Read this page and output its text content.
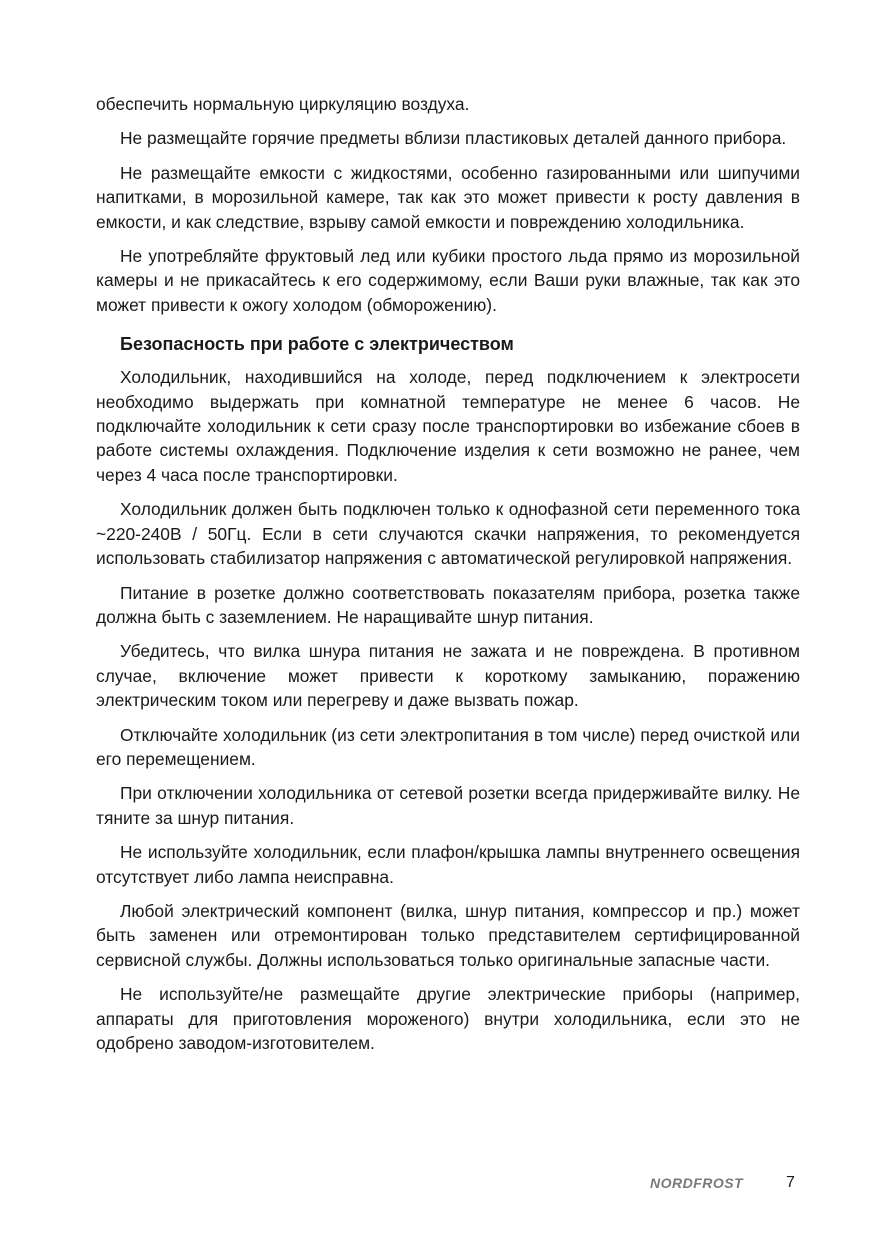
обеспечить нормальную циркуляцию воздуха.

Не размещайте горячие предметы вблизи пластиковых деталей данного прибора.

Не размещайте емкости с жидкостями, особенно газированными или шипучими напитками, в морозильной камере, так как это может привести к росту давления в емкости, и как следствие, взрыву самой емкости и повреждению холодильника.

Не употребляйте фруктовый лед или кубики простого льда прямо из морозильной камеры и не прикасайтесь к его содержимому, если Ваши руки влажные, так как это может привести к ожогу холодом (обморожению).

Безопасность при работе с электричеством

Холодильник, находившийся на холоде, перед подключением к электросети необходимо выдержать при комнатной температуре не менее 6 часов. Не подключайте холодильник к сети сразу после транспортировки во избежание сбоев в работе системы охлаждения. Подключение изделия к сети возможно не ранее, чем через 4 часа после транспортировки.

Холодильник должен быть подключен только к однофазной сети переменного тока ~220-240В / 50Гц. Если в сети случаются скачки напряжения, то рекомендуется использовать стабилизатор напряжения с автоматической регулировкой напряжения.

Питание в розетке должно соответствовать показателям прибора, розетка также должна быть с заземлением. Не наращивайте шнур питания.

Убедитесь, что вилка шнура питания не зажата и не повреждена. В противном случае, включение может привести к короткому замыканию, поражению электрическим током или перегреву и даже вызвать пожар.

Отключайте холодильник (из сети электропитания в том числе) перед очисткой или его перемещением.

При отключении холодильника от сетевой розетки всегда придерживайте вилку. Не тяните за шнур питания.

Не используйте холодильник, если плафон/крышка лампы внутреннего освещения отсутствует либо лампа неисправна.

Любой электрический компонент (вилка, шнур питания, компрессор и пр.) может быть заменен или отремонтирован только представителем сертифицированной сервисной службы. Должны использоваться только оригинальные запасные части.

Не используйте/не размещайте другие электрические приборы (например, аппараты для приготовления мороженого) внутри холодильника, если это не одобрено заводом-изготовителем.

NORDFROST	7
